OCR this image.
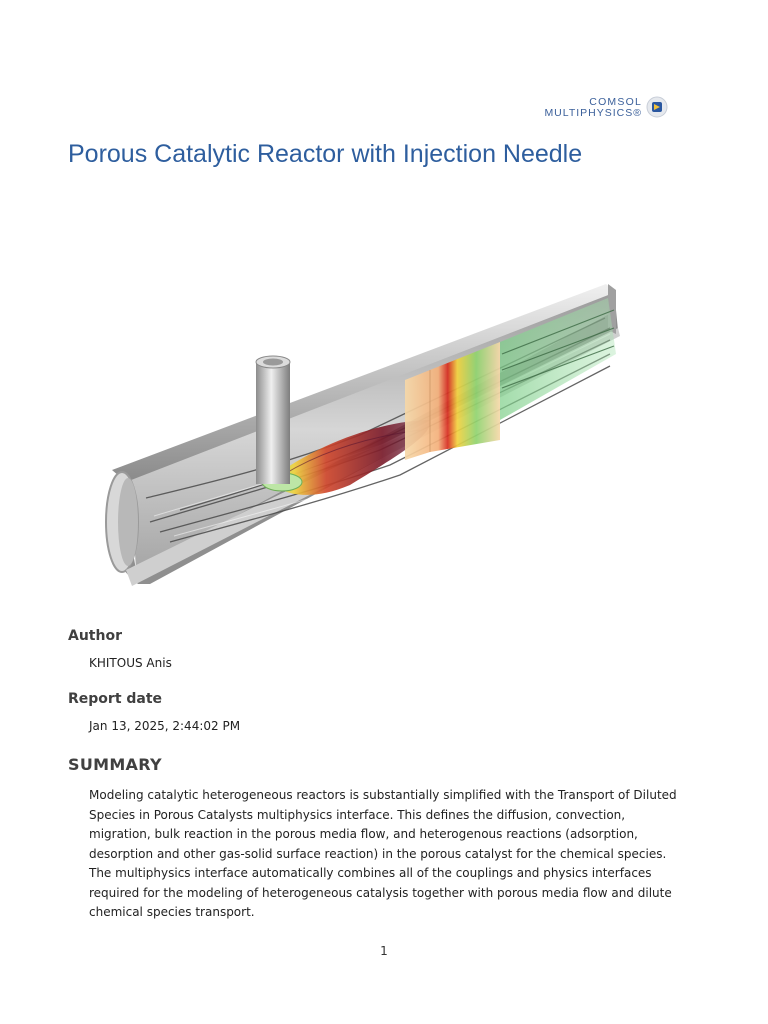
COMSOL
MULTIPHYSICS®
Porous Catalytic Reactor with Injection Needle
Author
KHITOUS Anis
Report date
Jan 13, 2025, 2:44:02 PM
SUMMARY

Modeling catalytic heterogeneous reactors is substantially simplified with the Transport of Diluted Species in Porous Catalysts multiphysics interface. This defines the diffusion, convection, migration, bulk reaction in the porous media flow, and heterogenous reactions (adsorption, desorption and other gas-solid surface reaction) in the porous catalyst for the chemical species. The multiphysics interface automatically combines all of the couplings and physics interfaces required for the modeling of heterogeneous catalysis together with porous media flow and dilute chemical species transport.

1
